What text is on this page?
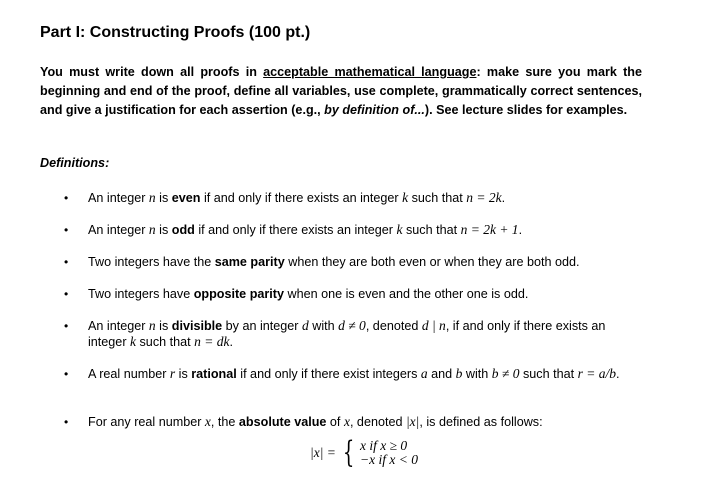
Part I: Constructing Proofs (100 pt.)
You must write down all proofs in acceptable mathematical language: make sure you mark the beginning and end of the proof, define all variables, use complete, grammatically correct sentences, and give a justification for each assertion (e.g., by definition of...). See lecture slides for examples.
Definitions:
• An integer n is even if and only if there exists an integer k such that n = 2k.
• An integer n is odd if and only if there exists an integer k such that n = 2k + 1.
• Two integers have the same parity when they are both even or when they are both odd.
• Two integers have opposite parity when one is even and the other one is odd.
• An integer n is divisible by an integer d with d ≠ 0, denoted d | n, if and only if there exists an integer k such that n = dk.
• A real number r is rational if and only if there exist integers a and b with b ≠ 0 such that r = a/b.
• For any real number x, the absolute value of x, denoted |x|, is defined as follows:
|x| = { x if x ≥ 0
−x if x < 0
